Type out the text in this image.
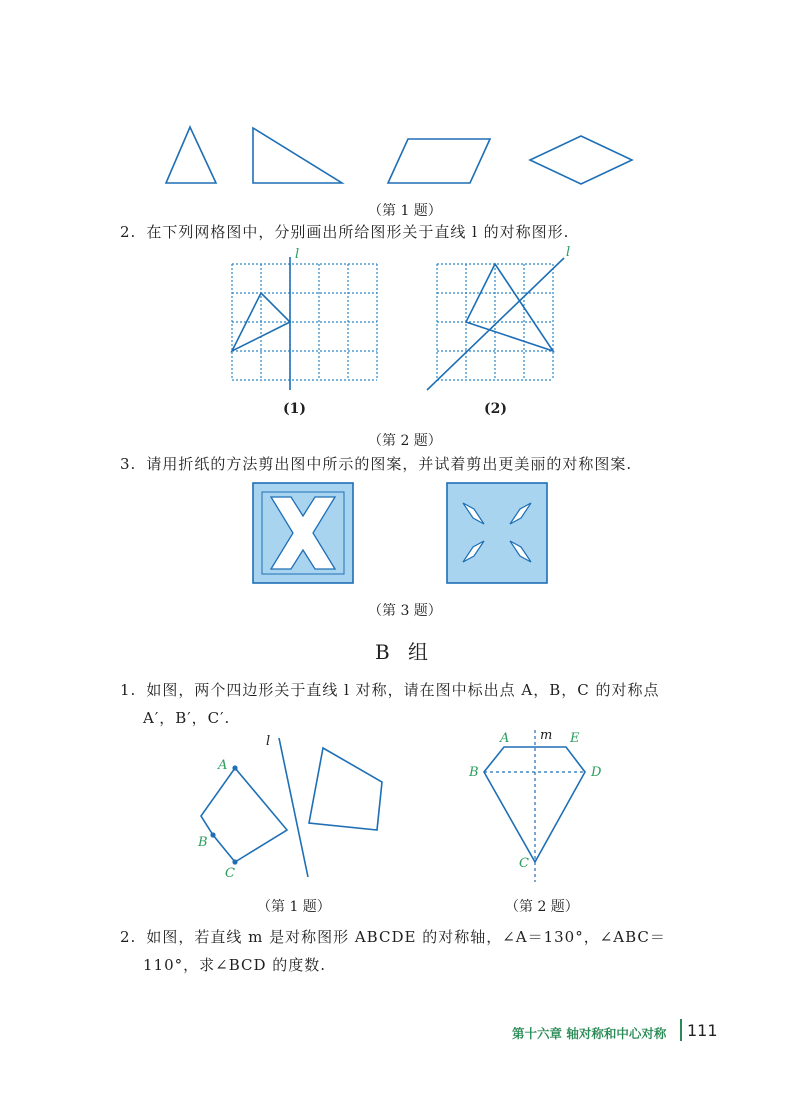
（第 1 题）
2. 在下列网格图中，分别画出所给图形关于直线 l 的对称图形.
l
(1)
l
(2)
（第 2 题）
3. 请用折纸的方法剪出图中所示的图案，并试着剪出更美丽的对称图案.
（第 3 题）
B 组
1. 如图，两个四边形关于直线 l 对称，请在图中标出点 A，B，C 的对称点
A′，B′，C′.
l
A
B
C
（第 1 题）
A m E
B	D
C
（第 2 题）
2. 如图，若直线 m 是对称图形 ABCDE 的对称轴，∠A＝130°，∠ABC＝
110°，求∠BCD 的度数.
第十六章 轴对称和中心对称 111
